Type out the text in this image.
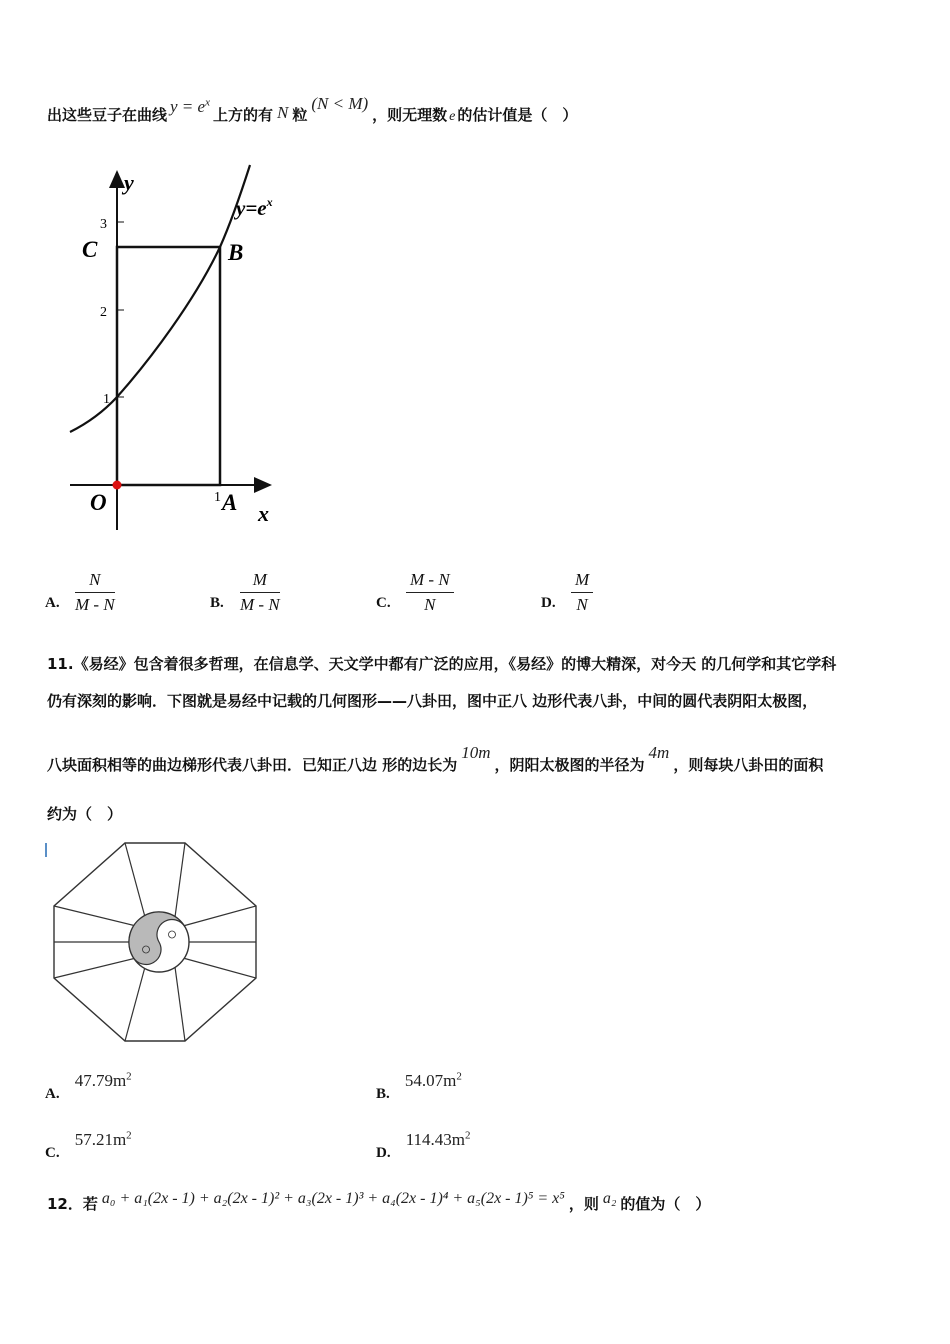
出这些豆子在曲线 $y = e^x$上方的有 N 粒(N < M)，则无理数 e 的估计值是（　）
y
x
O	A
B
C
3
2
1
1
$y=e^x$
A. $\frac{N}{M - N}$	B. $\frac{M}{M - N}$	C. $\frac{M - N}{N}$	D. $\frac{M}{N}$
11.《易经》包含着很多哲理，在信息学、天文学中都有广泛的应用，《易经》的博大精深，对今天 的几何学和其它学科
仍有深刻的影响．下图就是易经中记载的几何图形——八卦田，图中正八 边形代表八卦，中间的圆代表阴阳太极图，
八块面积相等的曲边梯形代表八卦田．已知正八边 形的边长为10m，阴阳太极图的半径为4m，则每块八卦田的面积
约为（　）
A. $47.79m^2$
B. $54.07m^2$
C. $57.21m^2$
D. $114.43m^2$
12．若 a₀ + a₁(2x - 1) + a₂(2x - 1)² + a₃(2x - 1)³ + a₄(2x - 1)⁴ + a₅(2x - 1)⁵ = x⁵ ，则 a₂ 的值为（　）
